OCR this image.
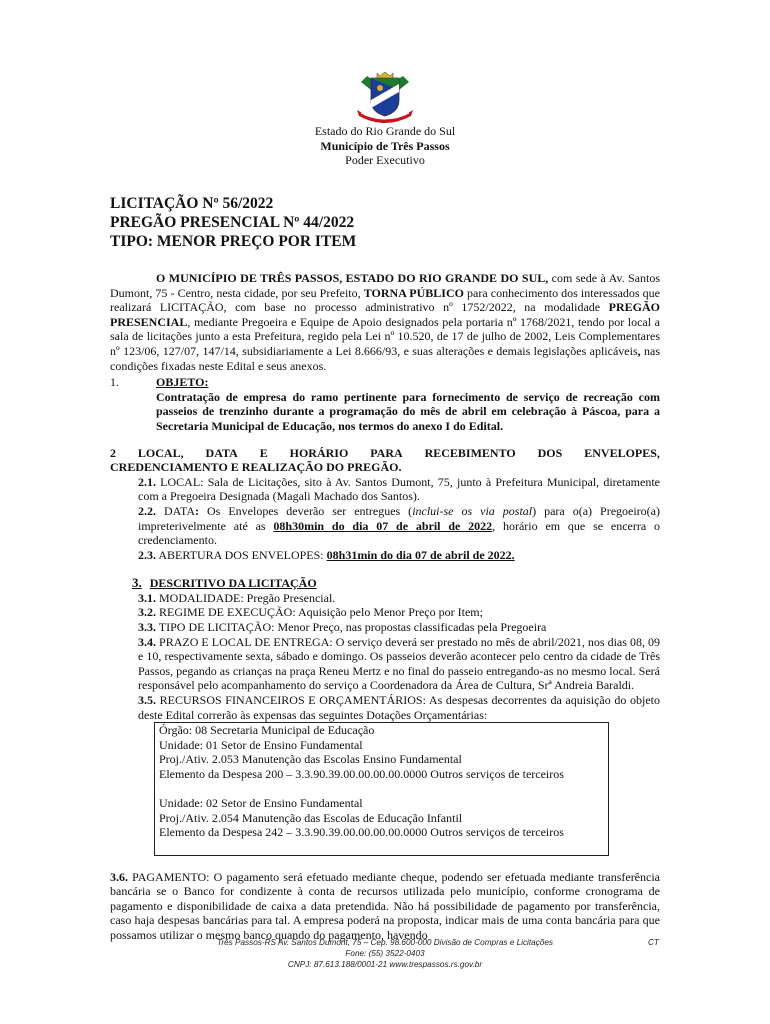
Estado do Rio Grande do Sul
Município de Três Passos
Poder Executivo
LICITAÇÃO Nº 56/2022
PREGÃO PRESENCIAL Nº 44/2022
TIPO: MENOR PREÇO POR ITEM

O MUNICÍPIO DE TRÊS PASSOS, ESTADO DO RIO GRANDE DO SUL, com sede à Av. Santos Dumont, 75 - Centro, nesta cidade, por seu Prefeito, TORNA PÚBLICO para conhecimento dos interessados que realizará LICITAÇÃO, com base no processo administrativo nº 1752/2022, na modalidade PREGÃO PRESENCIAL, mediante Pregoeira e Equipe de Apoio designados pela portaria nº 1768/2021, tendo por local a sala de licitações junto a esta Prefeitura, regido pela Lei nº 10.520, de 17 de julho de 2002, Leis Complementares nº 123/06, 127/07, 147/14, subsidiariamente a Lei 8.666/93, e suas alterações e demais legislações aplicáveis, nas condições fixadas neste Edital e seus anexos.

1.	OBJETO:

Contratação de empresa do ramo pertinente para fornecimento de serviço de recreação com passeios de trenzinho durante a programação do mês de abril em celebração à Páscoa, para a Secretaria Municipal de Educação, nos termos do anexo I do Edital.

2 LOCAL, DATA E HORÁRIO PARA RECEBIMENTO DOS ENVELOPES,
CREDENCIAMENTO E REALIZAÇÃO DO PREGÃO.

2.1. LOCAL: Sala de Licitações, sito à Av. Santos Dumont, 75, junto à Prefeitura Municipal, diretamente com a Pregoeira Designada (Magali Machado dos Santos).

2.2. DATA: Os Envelopes deverão ser entregues (inclui-se os via postal) para o(a) Pregoeiro(a) impreterivelmente até as 08h30min do dia 07 de abril de 2022, horário em que se encerra o credenciamento.

2.3. ABERTURA DOS ENVELOPES: 08h31min do dia 07 de abril de 2022.

3. DESCRITIVO DA LICITAÇÃO

3.1. MODALIDADE: Pregão Presencial.

3.2. REGIME DE EXECUÇÃO: Aquisição pelo Menor Preço por Item;

3.3. TIPO DE LICITAÇÃO: Menor Preço, nas propostas classificadas pela Pregoeira

3.4. PRAZO E LOCAL DE ENTREGA: O serviço deverá ser prestado no mês de abril/2021, nos dias 08, 09 e 10, respectivamente sexta, sábado e domingo. Os passeios deverão acontecer pelo centro da cidade de Três Passos, pegando as crianças na praça Reneu Mertz e no final do passeio entregando-as no mesmo local. Será responsável pelo acompanhamento do serviço a Coordenadora da Área de Cultura, Srª Andreia Baraldi.

3.5. RECURSOS FINANCEIROS E ORÇAMENTÁRIOS: As despesas decorrentes da aquisição do objeto deste Edital correrão às expensas das seguintes Dotações Orçamentárias:

Órgão: 08 Secretaria Municipal de Educação
Unidade: 01 Setor de Ensino Fundamental
Proj./Ativ. 2.053 Manutenção das Escolas Ensino Fundamental
Elemento da Despesa 200 – 3.3.90.39.00.00.00.00.0000 Outros serviços de terceiros
Unidade: 02 Setor de Ensino Fundamental
Proj./Ativ. 2.054 Manutenção das Escolas de Educação Infantil
Elemento da Despesa 242 – 3.3.90.39.00.00.00.00.0000 Outros serviços de terceiros

3.6. PAGAMENTO: O pagamento será efetuado mediante cheque, podendo ser efetuada mediante transferência bancária se o Banco for condizente à conta de recursos utilizada pelo município, conforme cronograma de pagamento e disponibilidade de caixa a data pretendida. Não há possibilidade de pagamento por transferência, caso haja despesas bancárias para tal. A empresa poderá na proposta, indicar mais de uma conta bancária para que possamos utilizar o mesmo banco quando do pagamento, havendo

Três Passos-RS Av. Santos Dumont, 75 – Cep. 98.600-000 Divisão de Compras e Licitações	CT
Fone: (55) 3522-0403
CNPJ: 87.613.188/0001-21 www.trespassos.rs.gov.br
